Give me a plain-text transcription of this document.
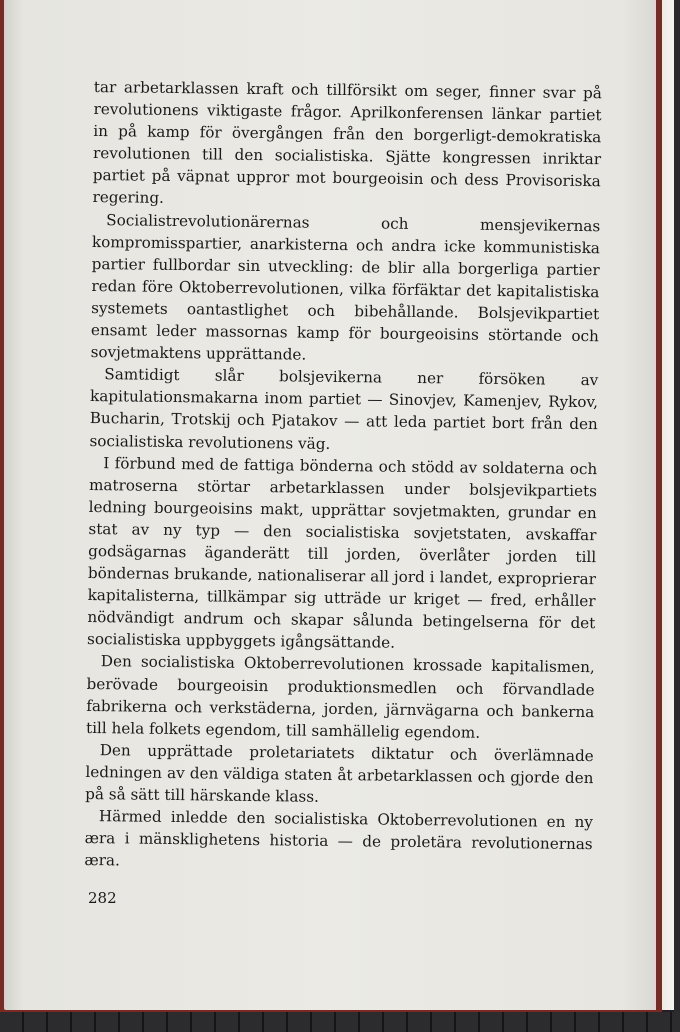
tar arbetarklassen kraft och tillförsikt om seger, finner svar på revolutionens viktigaste frågor. Aprilkonferensen länkar partiet in på kamp för övergången från den borgerligt-demokratiska revolutionen till den socialistiska. Sjätte kongressen inriktar partiet på väpnat uppror mot bourgeoisin och dess Provisoriska regering.

Socialistrevolutionärernas och mensjevikernas kompromisspartier, anarkisterna och andra icke kommunistiska partier fullbordar sin utveckling: de blir alla borgerliga partier redan före Oktoberrevolutionen, vilka förfäktar det kapitalistiska systemets oantastlighet och bibehållande. Bolsjevikpartiet ensamt leder massornas kamp för bourgeoisins störtande och sovjetmaktens upprättande.

Samtidigt slår bolsjevikerna ner försöken av kapitulationsmakarna inom partiet — Sinovjev, Kamenjev, Rykov, Bucharin, Trotskij och Pjatakov — att leda partiet bort från den socialistiska revolutionens väg.

I förbund med de fattiga bönderna och stödd av soldaterna och matroserna störtar arbetarklassen under bolsjevikpartiets ledning bourgeoisins makt, upprättar sovjetmakten, grundar en stat av ny typ — den socialistiska sovjetstaten, avskaffar godsägarnas äganderätt till jorden, överlåter jorden till böndernas brukande, nationaliserar all jord i landet, exproprierar kapitalisterna, tillkämpar sig utträde ur kriget — fred, erhåller nödvändigt andrum och skapar sålunda betingelserna för det socialistiska uppbyggets igångsättande.

Den socialistiska Oktoberrevolutionen krossade kapitalismen, berövade bourgeoisin produktionsmedlen och förvandlade fabrikerna och verkstäderna, jorden, järnvägarna och bankerna till hela folkets egendom, till samhällelig egendom.

Den upprättade proletariatets diktatur och överlämnade ledningen av den väldiga staten åt arbetarklassen och gjorde den på så sätt till härskande klass.

Härmed inledde den socialistiska Oktoberrevolutionen en ny æra i mänsklighetens historia — de proletära revolutionernas æra.

282
